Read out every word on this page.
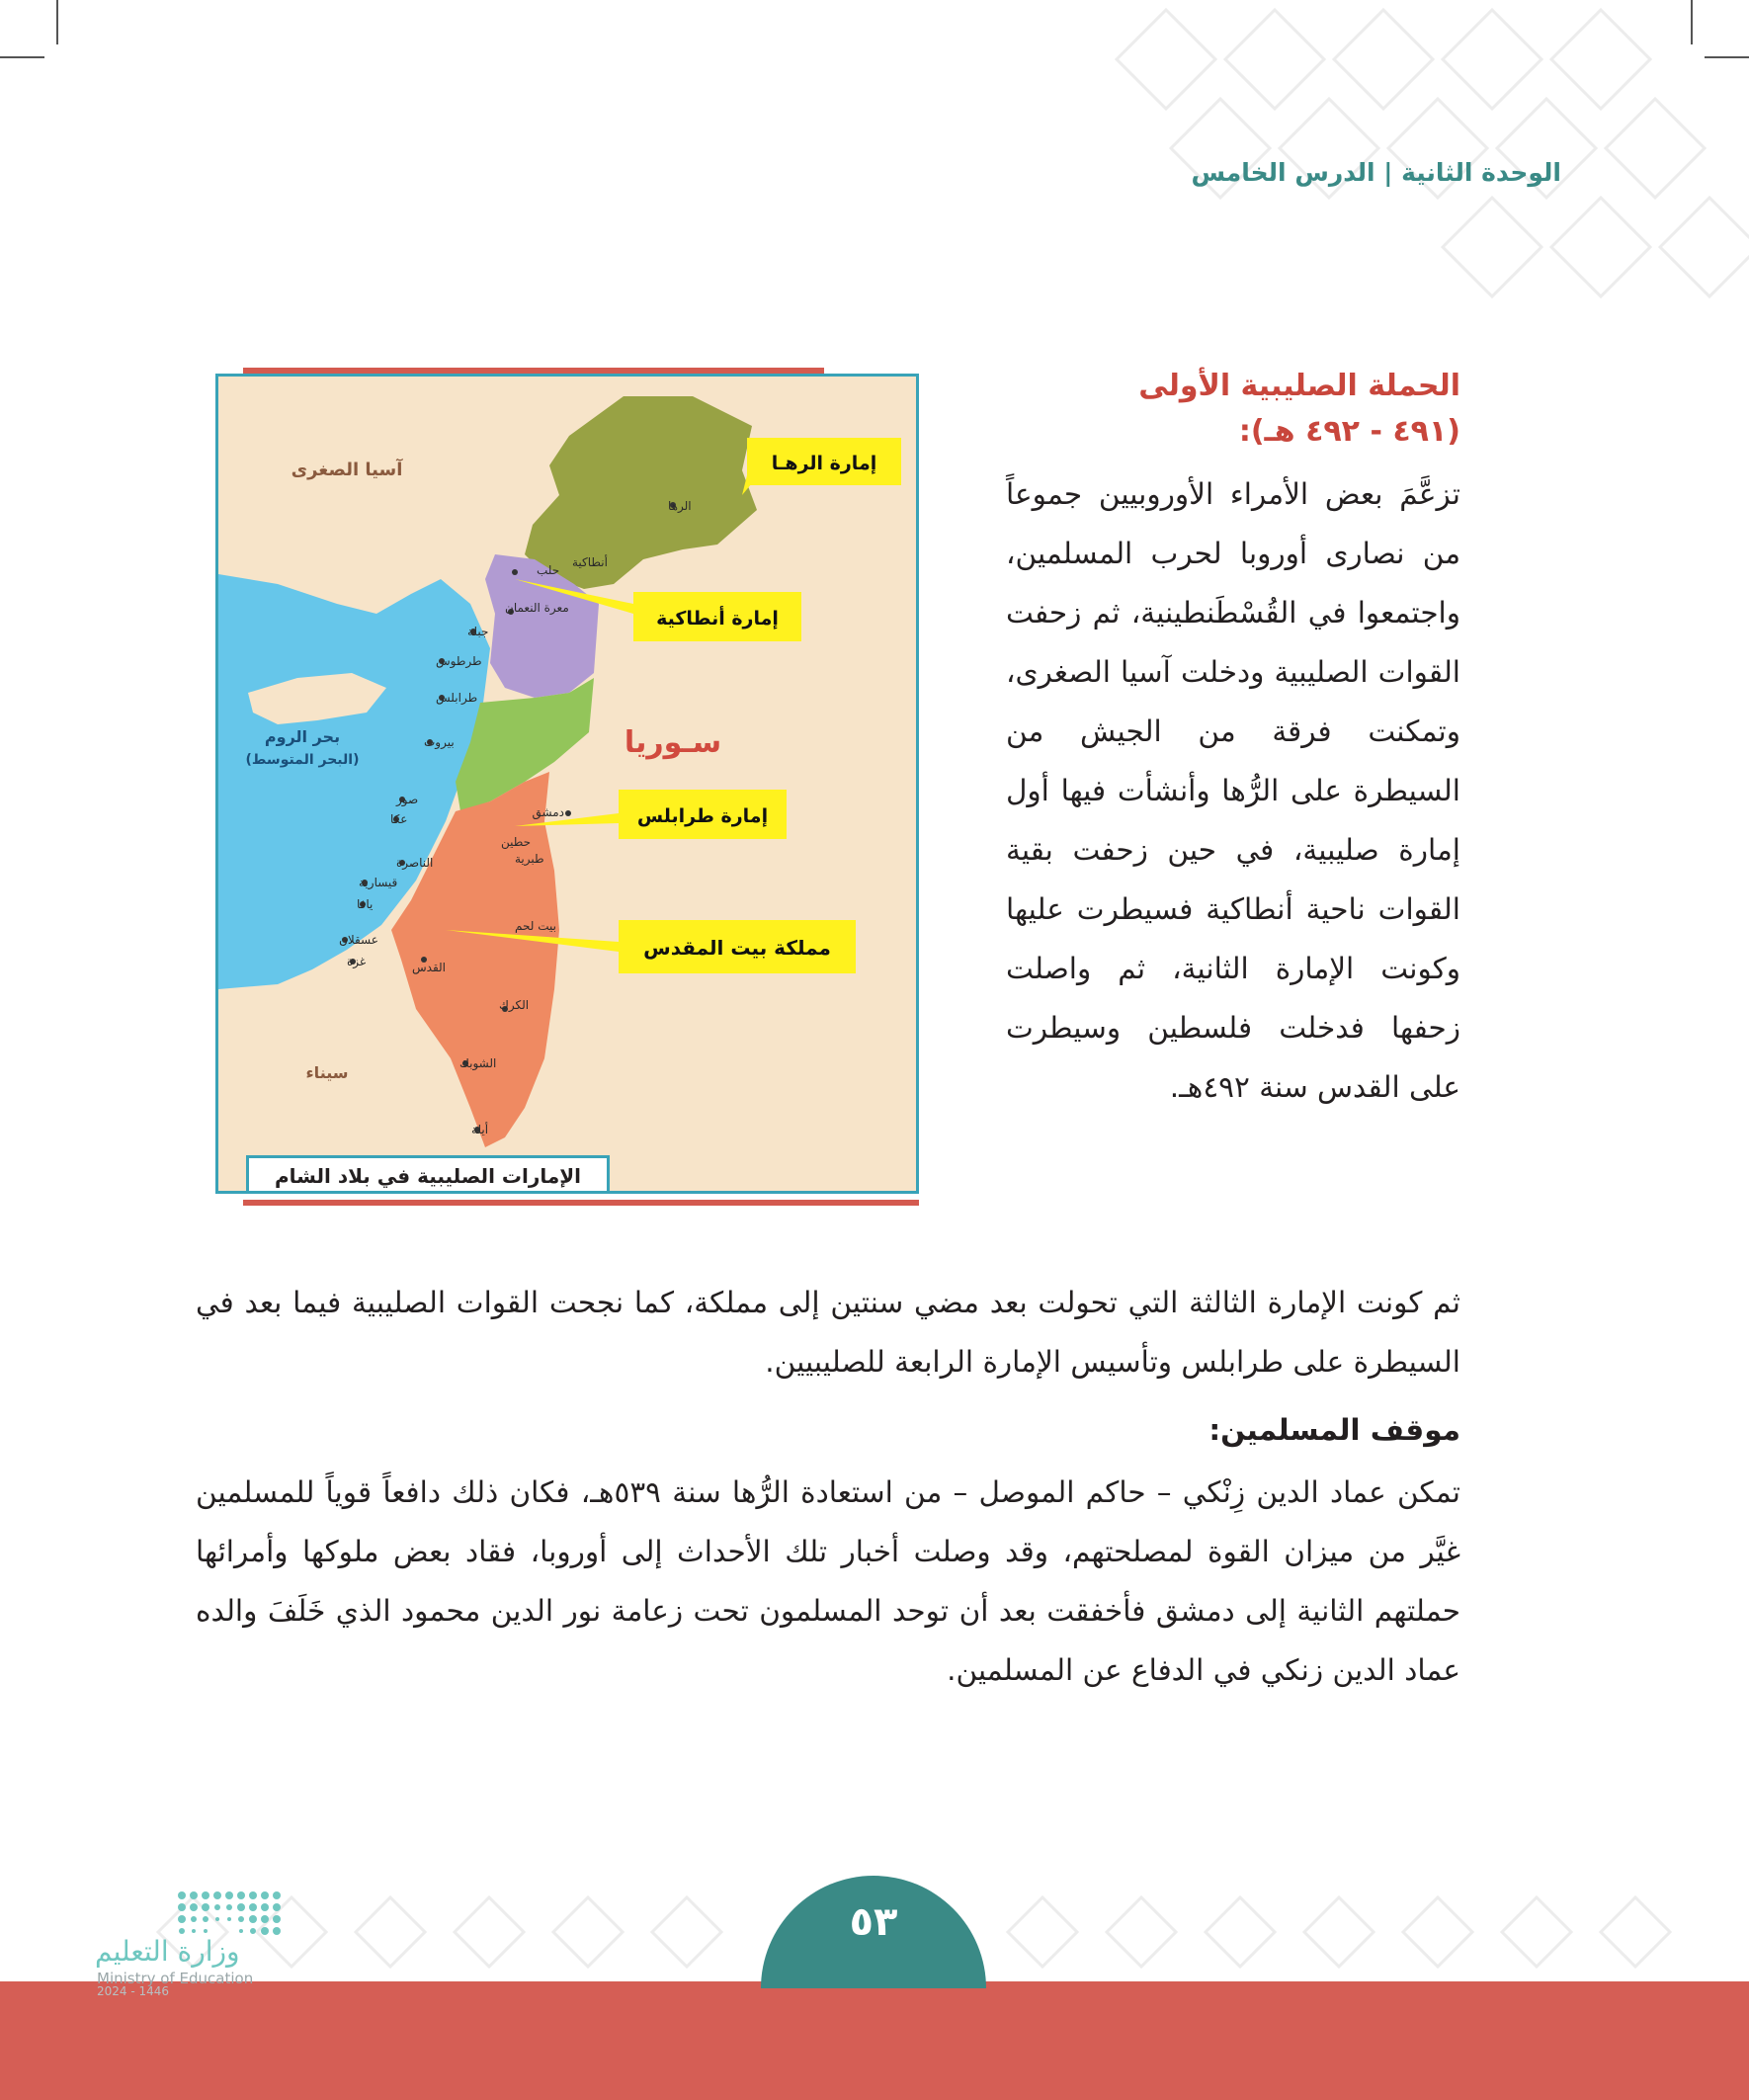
الوحدة الثانية | الدرس الخامس
آسيا الصغرى
بحر الروم
(البحر المتوسط)	سـوريا
سيناء
الرها
حلب
أنطاكية
معرة النعمان
جبلة
طرطوس
طرابلس
بيروت
دمشق
صور
عكا
حطين
طبرية
الناصرة
قيسارية
يافا
بيت لحم
عسقلان
غزة	القدس
الكرك
الشوبك
أيلة
إمارة الرهـا
إمارة أنطاكية
إمارة طرابلس
مملكة بيت المقدس
الإمارات الصليبية في بلاد الشام
الحملة الصليبية الأولى
(٤٩١ - ٤٩٢ هـ):
تزعَّمَ بعض الأمراء الأوروبيين جموعاً من نصارى أوروبا لحرب المسلمين، واجتمعوا في القُسْطَنطينية، ثم زحفت القوات الصليبية ودخلت آسيا الصغرى، وتمكنت فرقة من الجيش من السيطرة على الرُّها وأنشأت فيها أول إمارة صليبية، في حين زحفت بقية القوات ناحية أنطاكية فسيطرت عليها وكونت الإمارة الثانية، ثم واصلت زحفها فدخلت فلسطين وسيطرت على القدس سنة ٤٩٢هـ.
ثم كونت الإمارة الثالثة التي تحولت بعد مضي سنتين إلى مملكة، كما نجحت القوات الصليبية فيما بعد في السيطرة على طرابلس وتأسيس الإمارة الرابعة للصليبيين.
موقف المسلمين:
تمكن عماد الدين زِنْكي – حاكم الموصل – من استعادة الرُّها سنة ٥٣٩هـ، فكان ذلك دافعاً قوياً للمسلمين غيَّر من ميزان القوة لمصلحتهم، وقد وصلت أخبار تلك الأحداث إلى أوروبا، فقاد بعض ملوكها وأمرائها حملتهم الثانية إلى دمشق فأخفقت بعد أن توحد المسلمون تحت زعامة نور الدين محمود الذي خَلَفَ والده عماد الدين زنكي في الدفاع عن المسلمين.
٥٣
وزارة التعليم
Ministry of Education
2024 - 1446
